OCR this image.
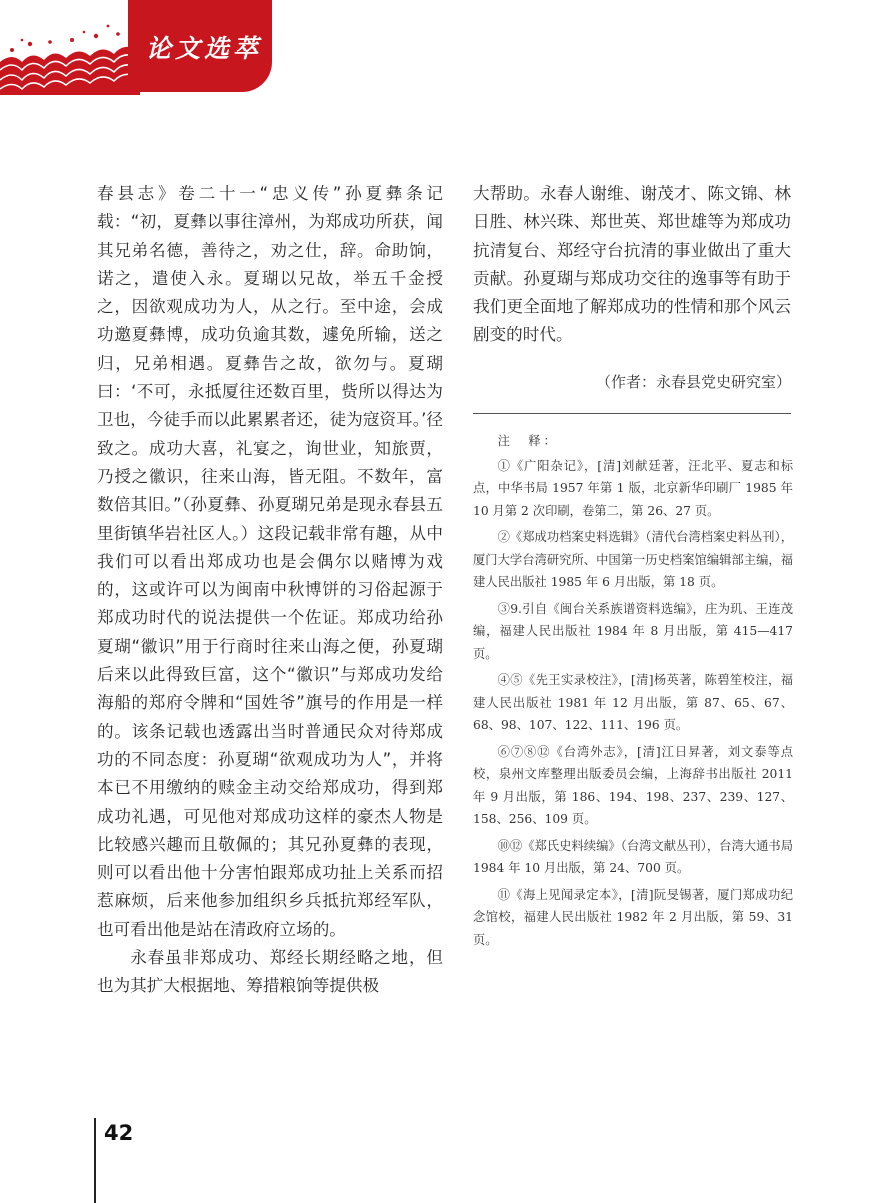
论文选萃

春县志》卷二十一“忠义传”孙夏彝条记载：“初，夏彝以事往漳州，为郑成功所获，闻其兄弟名德，善待之，劝之仕，辞。命助饷，诺之，遣使入永。夏瑚以兄故，举五千金授之，因欲观成功为人，从之行。至中途，会成功邀夏彝博，成功负逾其数，遽免所输，送之归，兄弟相遇。夏彝告之故，欲勿与。夏瑚曰：‘不可，永抵厦往还数百里，赀所以得达为卫也，今徒手而以此累累者还，徒为寇资耳。’径致之。成功大喜，礼宴之，询世业，知旅贾，乃授之徽识，往来山海，皆无阻。不数年，富数倍其旧。”（孙夏彝、孙夏瑚兄弟是现永春县五里街镇华岩社区人。）这段记载非常有趣，从中我们可以看出郑成功也是会偶尔以赌博为戏的，这或许可以为闽南中秋博饼的习俗起源于郑成功时代的说法提供一个佐证。郑成功给孙夏瑚“徽识”用于行商时往来山海之便，孙夏瑚后来以此得致巨富，这个“徽识”与郑成功发给海船的郑府令牌和“国姓爷”旗号的作用是一样的。该条记载也透露出当时普通民众对待郑成功的不同态度：孙夏瑚“欲观成功为人”，并将本已不用缴纳的赎金主动交给郑成功，得到郑成功礼遇，可见他对郑成功这样的豪杰人物是比较感兴趣而且敬佩的；其兄孙夏彝的表现，则可以看出他十分害怕跟郑成功扯上关系而招惹麻烦，后来他参加组织乡兵抵抗郑经军队，也可看出他是站在清政府立场的。

永春虽非郑成功、郑经长期经略之地，但也为其扩大根据地、筹措粮饷等提供极

大帮助。永春人谢维、谢茂才、陈文锦、林日胜、林兴珠、郑世英、郑世雄等为郑成功抗清复台、郑经守台抗清的事业做出了重大贡献。孙夏瑚与郑成功交往的逸事等有助于我们更全面地了解郑成功的性情和那个风云剧变的时代。

（作者：永春县党史研究室）

注　释：

①《广阳杂记》，[清]刘献廷著，汪北平、夏志和标点，中华书局 1957 年第 1 版，北京新华印刷厂 1985 年 10 月第 2 次印刷，卷第二，第 26、27 页。

②《郑成功档案史料选辑》（清代台湾档案史料丛刊），厦门大学台湾研究所、中国第一历史档案馆编辑部主编，福建人民出版社 1985 年 6 月出版，第 18 页。

③9.引自《闽台关系族谱资料选编》，庄为玑、王连茂编，福建人民出版社 1984 年 8 月出版，第 415—417 页。

④⑤《先王实录校注》，[清]杨英著，陈碧笙校注，福建人民出版社 1981 年 12 月出版，第 87、65、67、68、98、107、122、111、196 页。

⑥⑦⑧⑫《台湾外志》，[清]江日昇著，刘文泰等点校，泉州文库整理出版委员会编，上海辞书出版社 2011 年 9 月出版，第 186、194、198、237、239、127、158、256、109 页。

⑩⑫《郑氏史料续编》（台湾文献丛刊），台湾大通书局 1984 年 10 月出版，第 24、700 页。

⑪《海上见闻录定本》，[清]阮旻锡著，厦门郑成功纪念馆校，福建人民出版社 1982 年 2 月出版，第 59、31 页。

42
